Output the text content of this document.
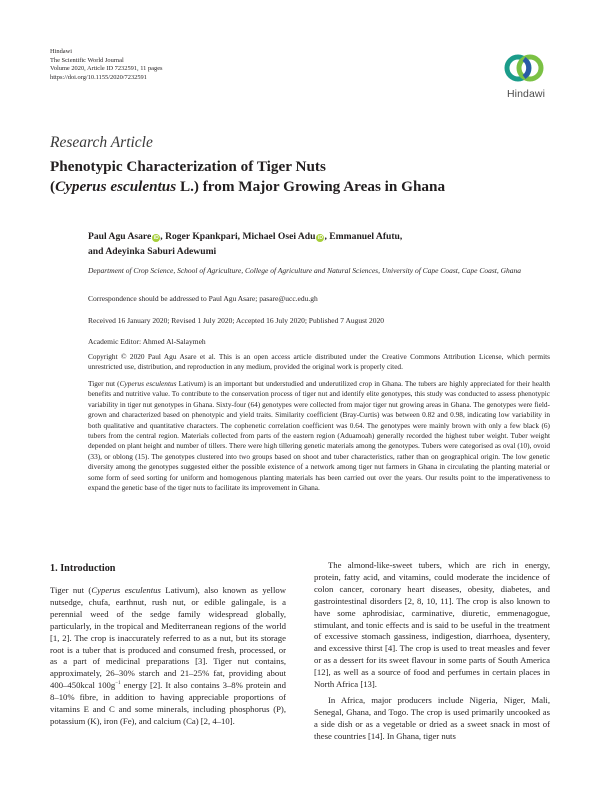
Hindawi
The Scientific World Journal
Volume 2020, Article ID 7232591, 11 pages
https://doi.org/10.1155/2020/7232591
Hindawi
Research Article
Phenotypic Characterization of Tiger Nuts
(Cyperus esculentus L.) from Major Growing Areas in Ghana
Paul Agu Asare iD , Roger Kpankpari, Michael Osei Adu iD , Emmanuel Afutu,
and Adeyinka Saburi Adewumi
Department of Crop Science, School of Agriculture, College of Agriculture and Natural Sciences, University of Cape Coast, Cape Coast, Ghana
Correspondence should be addressed to Paul Agu Asare; pasare@ucc.edu.gh
Received 16 January 2020; Revised 1 July 2020; Accepted 16 July 2020; Published 7 August 2020
Academic Editor: Ahmed Al-Salaymeh
Copyright © 2020 Paul Agu Asare et al. This is an open access article distributed under the Creative Commons Attribution License, which permits unrestricted use, distribution, and reproduction in any medium, provided the original work is properly cited.
Tiger nut (Cyperus esculentus Lativum) is an important but understudied and underutilized crop in Ghana. The tubers are highly appreciated for their health benefits and nutritive value. To contribute to the conservation process of tiger nut and identify elite genotypes, this study was conducted to assess phenotypic variability in tiger nut genotypes in Ghana. Sixty-four (64) genotypes were collected from major tiger nut growing areas in Ghana. The genotypes were field-grown and characterized based on phenotypic and yield traits. Similarity coefficient (Bray-Curtis) was between 0.82 and 0.98, indicating low variability in both qualitative and quantitative characters. The cophenetic correlation coefficient was 0.64. The genotypes were mainly brown with only a few black (6) tubers from the central region. Materials collected from parts of the eastern region (Aduamoah) generally recorded the highest tuber weight. Tuber weight depended on plant height and number of tillers. There were high tillering genetic materials among the genotypes. Tubers were categorised as oval (10), ovoid (33), or oblong (15). The genotypes clustered into two groups based on shoot and tuber characteristics, rather than on geographical origin. The low genetic diversity among the genotypes suggested either the possible existence of a network among tiger nut farmers in Ghana in circulating the planting material or some form of seed sorting for uniform and homogenous planting materials has been carried out over the years. Our results point to the imperativeness to expand the genetic base of the tiger nuts to facilitate its improvement in Ghana.
1. Introduction
Tiger nut (Cyperus esculentus Lativum), also known as yellow nutsedge, chufa, earthnut, rush nut, or edible galingale, is a perennial weed of the sedge family widespread globally, particularly, in the tropical and Mediterranean regions of the world [1, 2]. The crop is inaccurately referred to as a nut, but its storage root is a tuber that is produced and consumed fresh, processed, or as a part of medicinal preparations [3]. Tiger nut contains, approximately, 26–30% starch and 21–25% fat, providing about 400–450kcal $100g^{-1}$ energy [2]. It also contains 3–8% protein and 8–10% fibre, in addition to having appreciable proportions of vitamins E and C and some minerals, including phosphorus (P), potassium (K), iron (Fe), and calcium (Ca) [2, 4–10].
The almond-like-sweet tubers, which are rich in energy, protein, fatty acid, and vitamins, could moderate the incidence of colon cancer, coronary heart diseases, obesity, diabetes, and gastrointestinal disorders [2, 8, 10, 11]. The crop is also known to have some aphrodisiac, carminative, diuretic, emmenagogue, stimulant, and tonic effects and is said to be useful in the treatment of excessive stomach gassiness, indigestion, diarrhoea, dysentery, and excessive thirst [4]. The crop is used to treat measles and fever or as a dessert for its sweet flavour in some parts of South America [12], as well as a source of food and perfumes in certain places in North Africa [13].
In Africa, major producers include Nigeria, Niger, Mali, Senegal, Ghana, and Togo. The crop is used primarily uncooked as a side dish or as a vegetable or dried as a sweet snack in most of these countries [14]. In Ghana, tiger nuts
